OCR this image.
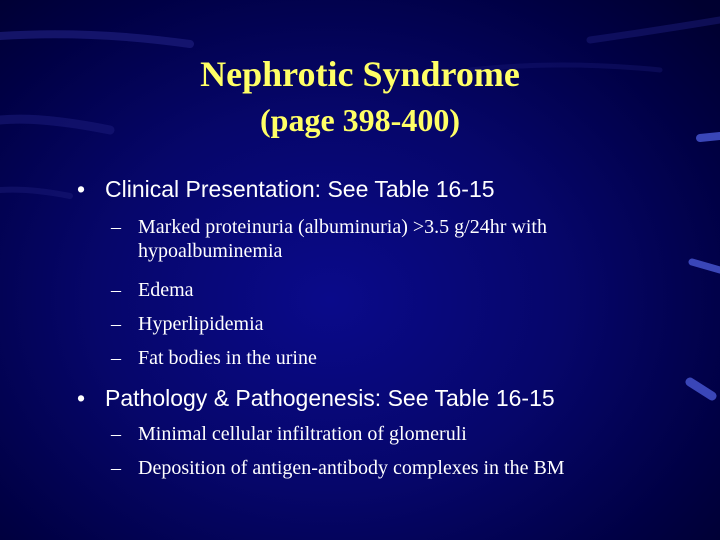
Nephrotic Syndrome
(page 398-400)
• Clinical Presentation: See Table 16-15
– Marked proteinuria (albuminuria) >3.5 g/24hr with
hypoalbuminemia
– Edema
– Hyperlipidemia
– Fat bodies in the urine
• Pathology & Pathogenesis: See Table 16-15
– Minimal cellular infiltration of glomeruli
– Deposition of antigen-antibody complexes in the BM
